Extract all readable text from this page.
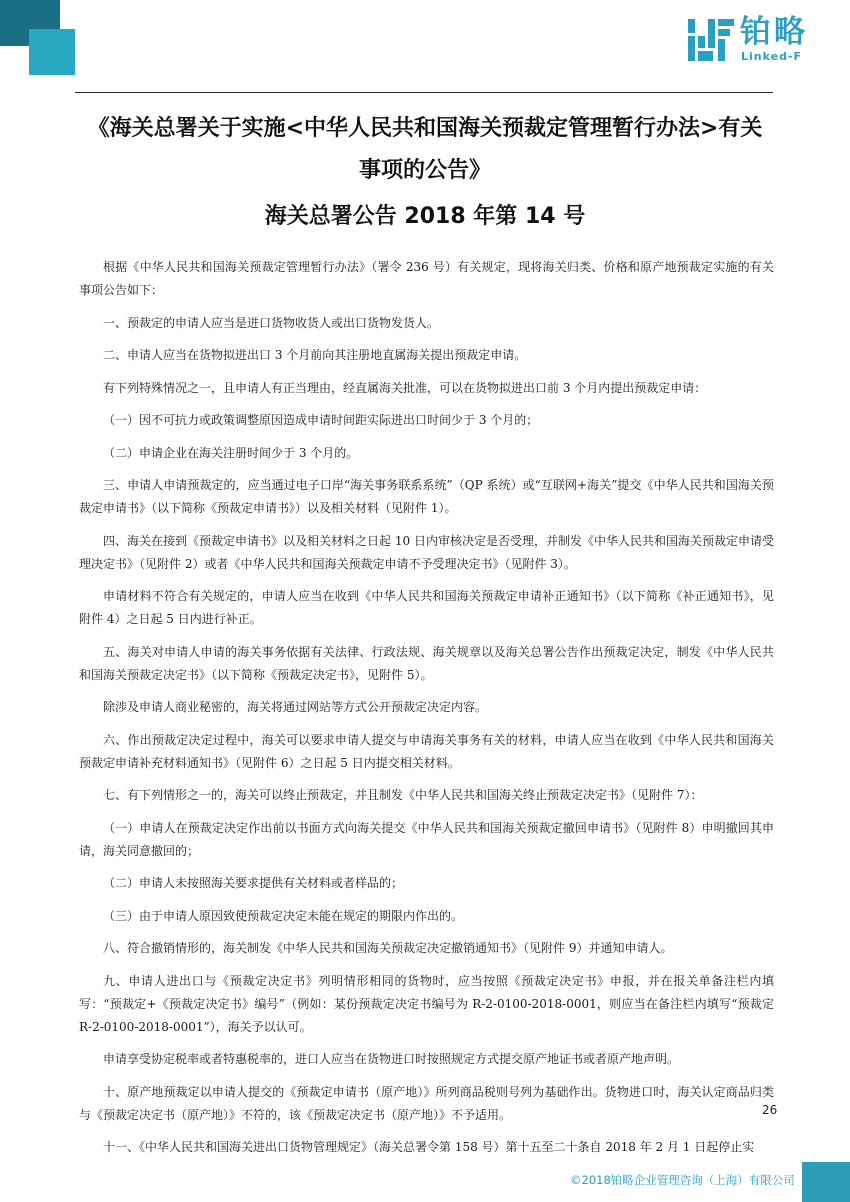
铂略
Linked-F
《海关总署关于实施<中华人民共和国海关预裁定管理暂行办法>有关
事项的公告》
海关总署公告 2018 年第 14 号

根据《中华人民共和国海关预裁定管理暂行办法》（署令 236 号）有关规定，现将海关归类、价格和原产地预裁定实施的有关事项公告如下：

一、预裁定的申请人应当是进口货物收货人或出口货物发货人。

二、申请人应当在货物拟进出口 3 个月前向其注册地直属海关提出预裁定申请。

有下列特殊情况之一，且申请人有正当理由，经直属海关批准，可以在货物拟进出口前 3 个月内提出预裁定申请：

（一）因不可抗力或政策调整原因造成申请时间距实际进出口时间少于 3 个月的；

（二）申请企业在海关注册时间少于 3 个月的。

三、申请人申请预裁定的，应当通过电子口岸“海关事务联系系统”（QP 系统）或“互联网+海关”提交《中华人民共和国海关预裁定申请书》（以下简称《预裁定申请书》）以及相关材料（见附件 1）。

四、海关在接到《预裁定申请书》以及相关材料之日起 10 日内审核决定是否受理，并制发《中华人民共和国海关预裁定申请受理决定书》（见附件 2）或者《中华人民共和国海关预裁定申请不予受理决定书》（见附件 3）。

申请材料不符合有关规定的，申请人应当在收到《中华人民共和国海关预裁定申请补正通知书》（以下简称《补正通知书》，见附件 4）之日起 5 日内进行补正。

五、海关对申请人申请的海关事务依据有关法律、行政法规、海关规章以及海关总署公告作出预裁定决定，制发《中华人民共和国海关预裁定决定书》（以下简称《预裁定决定书》，见附件 5）。

除涉及申请人商业秘密的，海关将通过网站等方式公开预裁定决定内容。

六、作出预裁定决定过程中，海关可以要求申请人提交与申请海关事务有关的材料，申请人应当在收到《中华人民共和国海关预裁定申请补充材料通知书》（见附件 6）之日起 5 日内提交相关材料。

七、有下列情形之一的，海关可以终止预裁定，并且制发《中华人民共和国海关终止预裁定决定书》（见附件 7）：

（一）申请人在预裁定决定作出前以书面方式向海关提交《中华人民共和国海关预裁定撤回申请书》（见附件 8）申明撤回其申请，海关同意撤回的；

（二）申请人未按照海关要求提供有关材料或者样品的；

（三）由于申请人原因致使预裁定决定未能在规定的期限内作出的。

八、符合撤销情形的，海关制发《中华人民共和国海关预裁定决定撤销通知书》（见附件 9）并通知申请人。

九、申请人进出口与《预裁定决定书》列明情形相同的货物时，应当按照《预裁定决定书》申报，并在报关单备注栏内填写：“预裁定+《预裁定决定书》编号”（例如：某份预裁定决定书编号为 R-2-0100-2018-0001，则应当在备注栏内填写“预裁定 R-2-0100-2018-0001”），海关予以认可。

申请享受协定税率或者特惠税率的，进口人应当在货物进口时按照规定方式提交原产地证书或者原产地声明。

十、原产地预裁定以申请人提交的《预裁定申请书（原产地）》所列商品税则号列为基础作出。货物进口时，海关认定商品归类与《预裁定决定书（原产地）》不符的，该《预裁定决定书（原产地）》不予适用。

十一、《中华人民共和国海关进出口货物管理规定》（海关总署令第 158 号）第十五至二十条自 2018 年 2 月 1 日起停止实

26
©2018铂略企业管理咨询（上海）有限公司
